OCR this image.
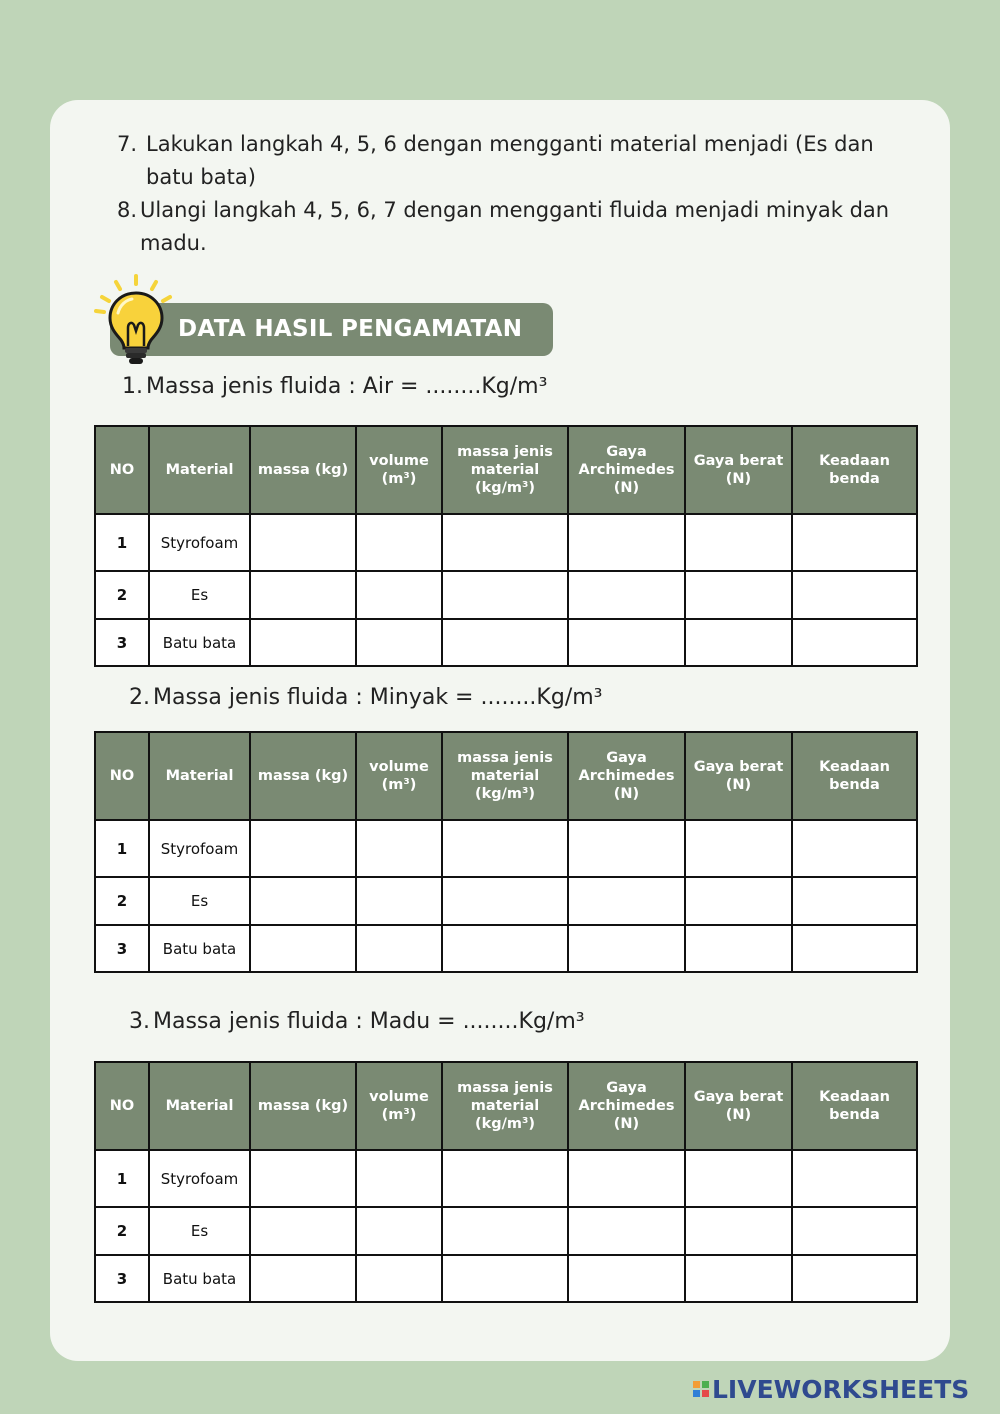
7. Lakukan langkah 4, 5, 6 dengan mengganti material menjadi (Es dan batu bata)
8. Ulangi langkah 4, 5, 6, 7 dengan mengganti fluida menjadi minyak dan madu.
DATA HASIL PENGAMATAN
1. Massa jenis fluida : Air = ........Kg/m³
NO	Material	massa (kg)	volume (m³)	massa jenis material (kg/m³)	Gaya Archimedes (N)	Gaya berat (N)	Keadaan benda
1	Styrofoam						
2	Es						
3	Batu bata						
2. Massa jenis fluida : Minyak = ........Kg/m³
NO	Material	massa (kg)	volume (m³)	massa jenis material (kg/m³)	Gaya Archimedes (N)	Gaya berat (N)	Keadaan benda
1	Styrofoam						
2	Es						
3	Batu bata						
3. Massa jenis fluida : Madu = ........Kg/m³
NO	Material	massa (kg)	volume (m³)	massa jenis material (kg/m³)	Gaya Archimedes (N)	Gaya berat (N)	Keadaan benda
1	Styrofoam						
2	Es						
3	Batu bata						
LIVEWORKSHEETS
